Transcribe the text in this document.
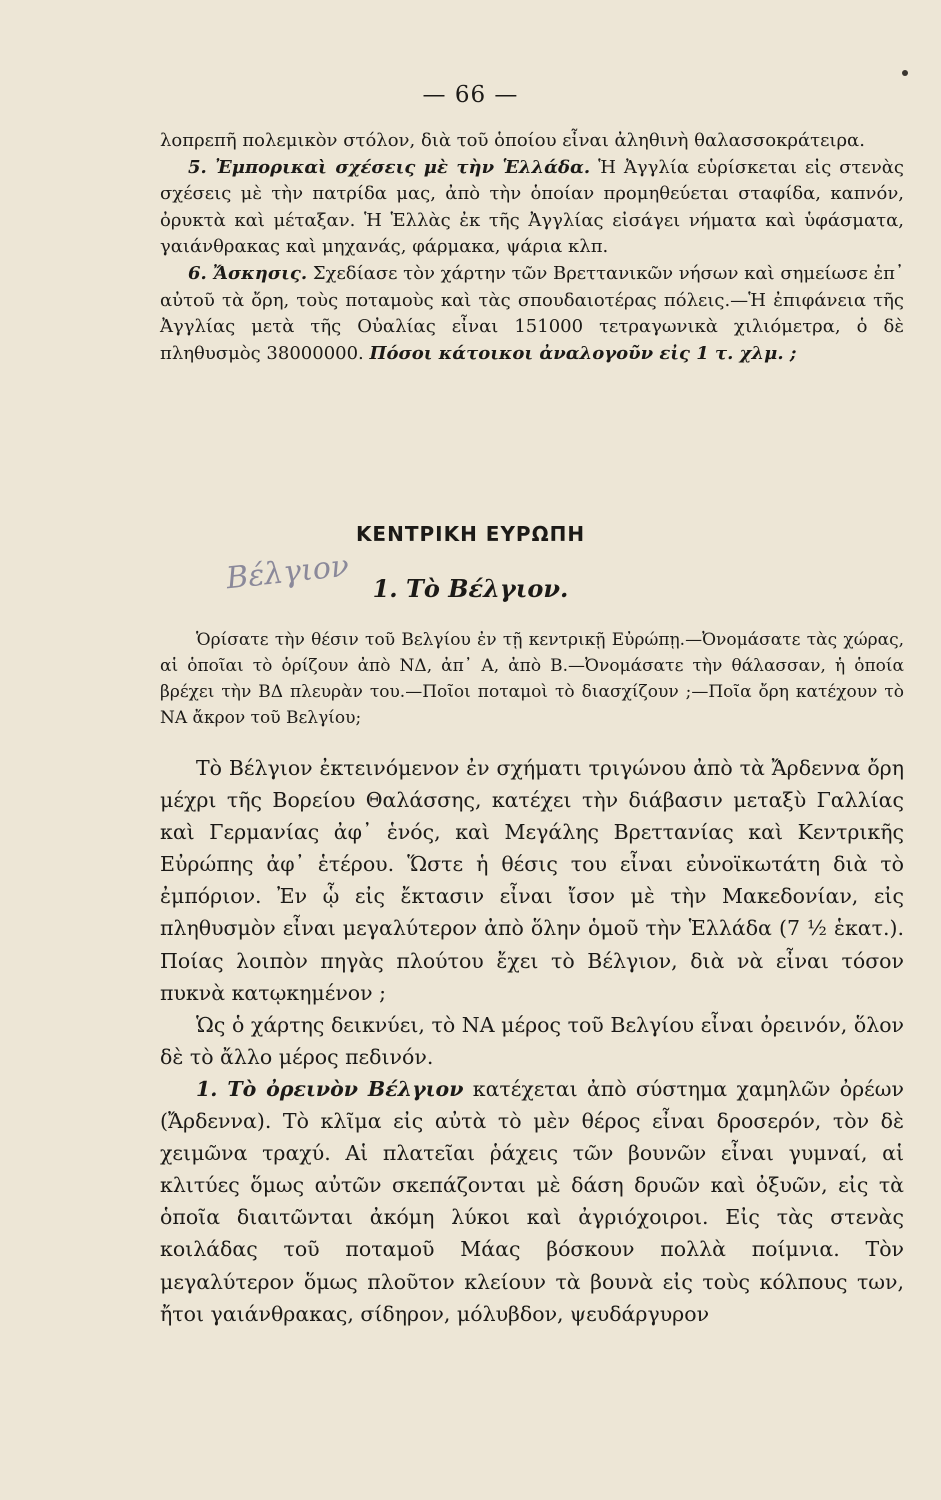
— 66 —

λοπρεπῆ πολεμικὸν στόλον, διὰ τοῦ ὁποίου εἶναι ἀληθινὴ θαλασσοκράτειρα.

5. Ἐμπορικαὶ σχέσεις μὲ τὴν Ἑλλάδα. Ἡ Ἀγγλία εὑρίσκεται εἰς στενὰς σχέσεις μὲ τὴν πατρίδα μας, ἀπὸ τὴν ὁποίαν προμηθεύεται σταφίδα, καπνόν, ὀρυκτὰ καὶ μέταξαν. Ἡ Ἑλλὰς ἐκ τῆς Ἀγγλίας εἰσάγει νήματα καὶ ὑφάσματα, γαιάνθρακας καὶ μηχανάς, φάρμακα, ψάρια κλπ.

6. Ἄσκησις. Σχεδίασε τὸν χάρτην τῶν Βρεττανικῶν νήσων καὶ σημείωσε ἐπ᾽ αὐτοῦ τὰ ὄρη, τοὺς ποταμοὺς καὶ τὰς σπουδαιοτέρας πόλεις.—Ἡ ἐπιφάνεια τῆς Ἀγγλίας μετὰ τῆς Οὐαλίας εἶναι 151000 τετραγωνικὰ χιλιόμετρα, ὁ δὲ πληθυσμὸς 38000000. Πόσοι κάτοικοι ἀναλογοῦν εἰς 1 τ. χλμ. ;

ΚΕΝΤΡΙΚΗ ΕΥΡΩΠΗ
Βέλγιον 1. Τὸ Βέλγιον.

Ὁρίσατε τὴν θέσιν τοῦ Βελγίου ἐν τῇ κεντρικῇ Εὐρώπῃ.—Ὀνομάσατε τὰς χώρας, αἱ ὁποῖαι τὸ ὁρίζουν ἀπὸ ΝΔ, ἀπ᾽ Α, ἀπὸ Β.—Ὀνομάσατε τὴν θάλασσαν, ἡ ὁποία βρέχει τὴν ΒΔ πλευρὰν του.—Ποῖοι ποταμοὶ τὸ διασχίζουν ;—Ποῖα ὄρη κατέχουν τὸ ΝΑ ἄκρον τοῦ Βελγίου;

Τὸ Βέλγιον ἐκτεινόμενον ἐν σχήματι τριγώνου ἀπὸ τὰ Ἄρδεννα ὄρη μέχρι τῆς Βορείου Θαλάσσης, κατέχει τὴν διάβασιν μεταξὺ Γαλλίας καὶ Γερμανίας ἀφ᾽ ἑνός, καὶ Μεγάλης Βρεττανίας καὶ Κεντρικῆς Εὐρώπης ἀφ᾽ ἑτέρου. Ὥστε ἡ θέσις του εἶναι εὐνοϊκωτάτη διὰ τὸ ἐμπόριον. Ἐν ᾧ εἰς ἔκτασιν εἶναι ἴσον μὲ τὴν Μακεδονίαν, εἰς πληθυσμὸν εἶναι μεγαλύτερον ἀπὸ ὅλην ὁμοῦ τὴν Ἑλλάδα (7 ½ ἑκατ.). Ποίας λοιπὸν πηγὰς πλούτου ἔχει τὸ Βέλγιον, διὰ νὰ εἶναι τόσον πυκνὰ κατῳκημένον ;

Ὡς ὁ χάρτης δεικνύει, τὸ ΝΑ μέρος τοῦ Βελγίου εἶναι ὀρεινόν, ὅλον δὲ τὸ ἄλλο μέρος πεδινόν.

1. Τὸ ὀρεινὸν Βέλγιον κατέχεται ἀπὸ σύστημα χαμηλῶν ὀρέων (Ἄρδεννα). Τὸ κλῖμα εἰς αὐτὰ τὸ μὲν θέρος εἶναι δροσερόν, τὸν δὲ χειμῶνα τραχύ. Αἱ πλατεῖαι ῥάχεις τῶν βουνῶν εἶναι γυμναί, αἱ κλιτύες ὅμως αὐτῶν σκεπάζονται μὲ δάση δρυῶν καὶ ὀξυῶν, εἰς τὰ ὁποῖα διαιτῶνται ἀκόμη λύκοι καὶ ἀγριόχοιροι. Εἰς τὰς στενὰς κοιλάδας τοῦ ποταμοῦ Μάας βόσκουν πολλὰ ποίμνια. Τὸν μεγαλύτερον ὅμως πλοῦτον κλείουν τὰ βουνὰ εἰς τοὺς κόλπους των, ἤτοι γαιάνθρακας, σίδηρον, μόλυβδον, ψευδάργυρον
